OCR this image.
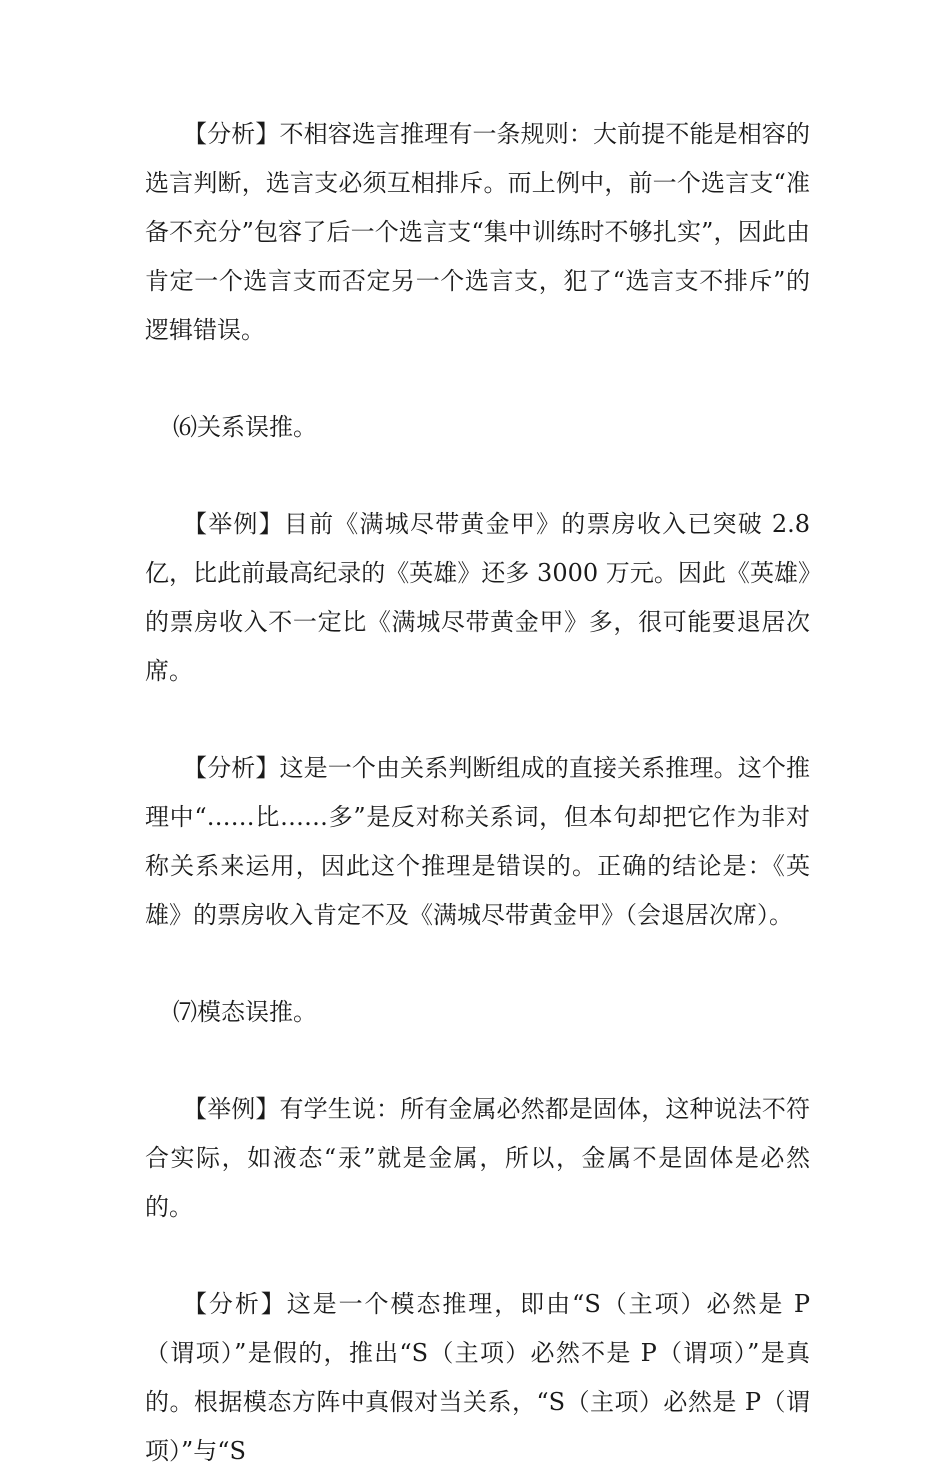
【分析】不相容选言推理有一条规则：大前提不能是相容的选言判断，选言支必须互相排斥。而上例中，前一个选言支“准备不充分”包容了后一个选言支“集中训练时不够扎实”，因此由肯定一个选言支而否定另一个选言支，犯了“选言支不排斥”的逻辑错误。

⑹关系误推。

【举例】目前《满城尽带黄金甲》的票房收入已突破 2.8 亿，比此前最高纪录的《英雄》还多 3000 万元。因此《英雄》的票房收入不一定比《满城尽带黄金甲》多，很可能要退居次席。

【分析】这是一个由关系判断组成的直接关系推理。这个推理中“……比……多”是反对称关系词，但本句却把它作为非对称关系来运用，因此这个推理是错误的。正确的结论是：《英雄》的票房收入肯定不及《满城尽带黄金甲》（会退居次席）。

⑺模态误推。

【举例】有学生说：所有金属必然都是固体，这种说法不符合实际，如液态“汞”就是金属，所以，金属不是固体是必然的。

【分析】这是一个模态推理，即由“S（主项）必然是 P（谓项）”是假的，推出“S（主项）必然不是 P（谓项）”是真的。根据模态方阵中真假对当关系，“S（主项）必然是 P（谓项）”与“S
